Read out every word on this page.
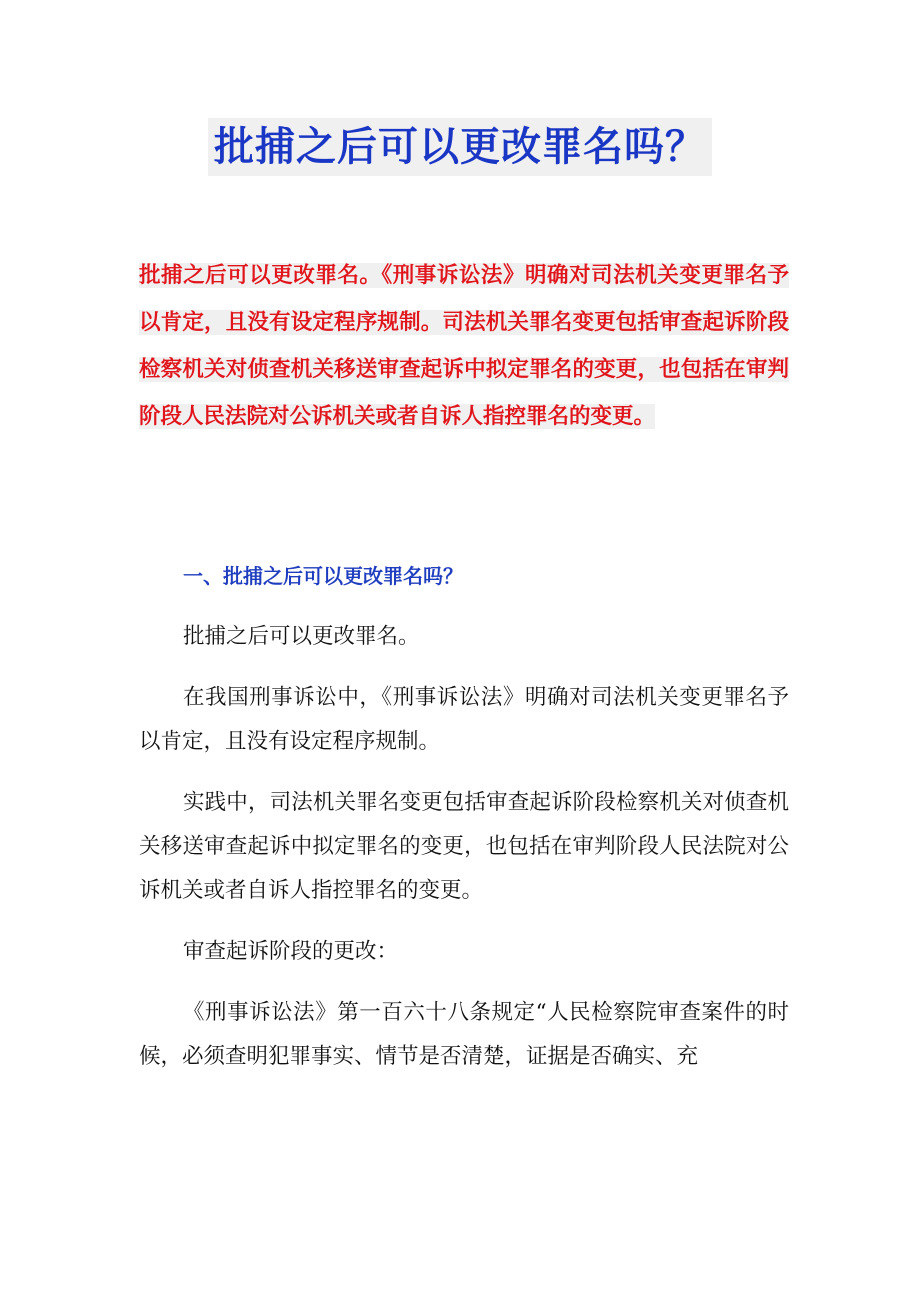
批捕之后可以更改罪名吗？
批捕之后可以更改罪名。《刑事诉讼法》明确对司法机关变更罪名予以肯定，且没有设定程序规制。司法机关罪名变更包括审查起诉阶段检察机关对侦查机关移送审查起诉中拟定罪名的变更，也包括在审判阶段人民法院对公诉机关或者自诉人指控罪名的变更。
一、批捕之后可以更改罪名吗？

批捕之后可以更改罪名。

在我国刑事诉讼中，《刑事诉讼法》明确对司法机关变更罪名予以肯定，且没有设定程序规制。

实践中，司法机关罪名变更包括审查起诉阶段检察机关对侦查机关移送审查起诉中拟定罪名的变更，也包括在审判阶段人民法院对公诉机关或者自诉人指控罪名的变更。

审查起诉阶段的更改：

《刑事诉讼法》第一百六十八条规定“人民检察院审查案件的时候，必须查明犯罪事实、情节是否清楚，证据是否确实、充
